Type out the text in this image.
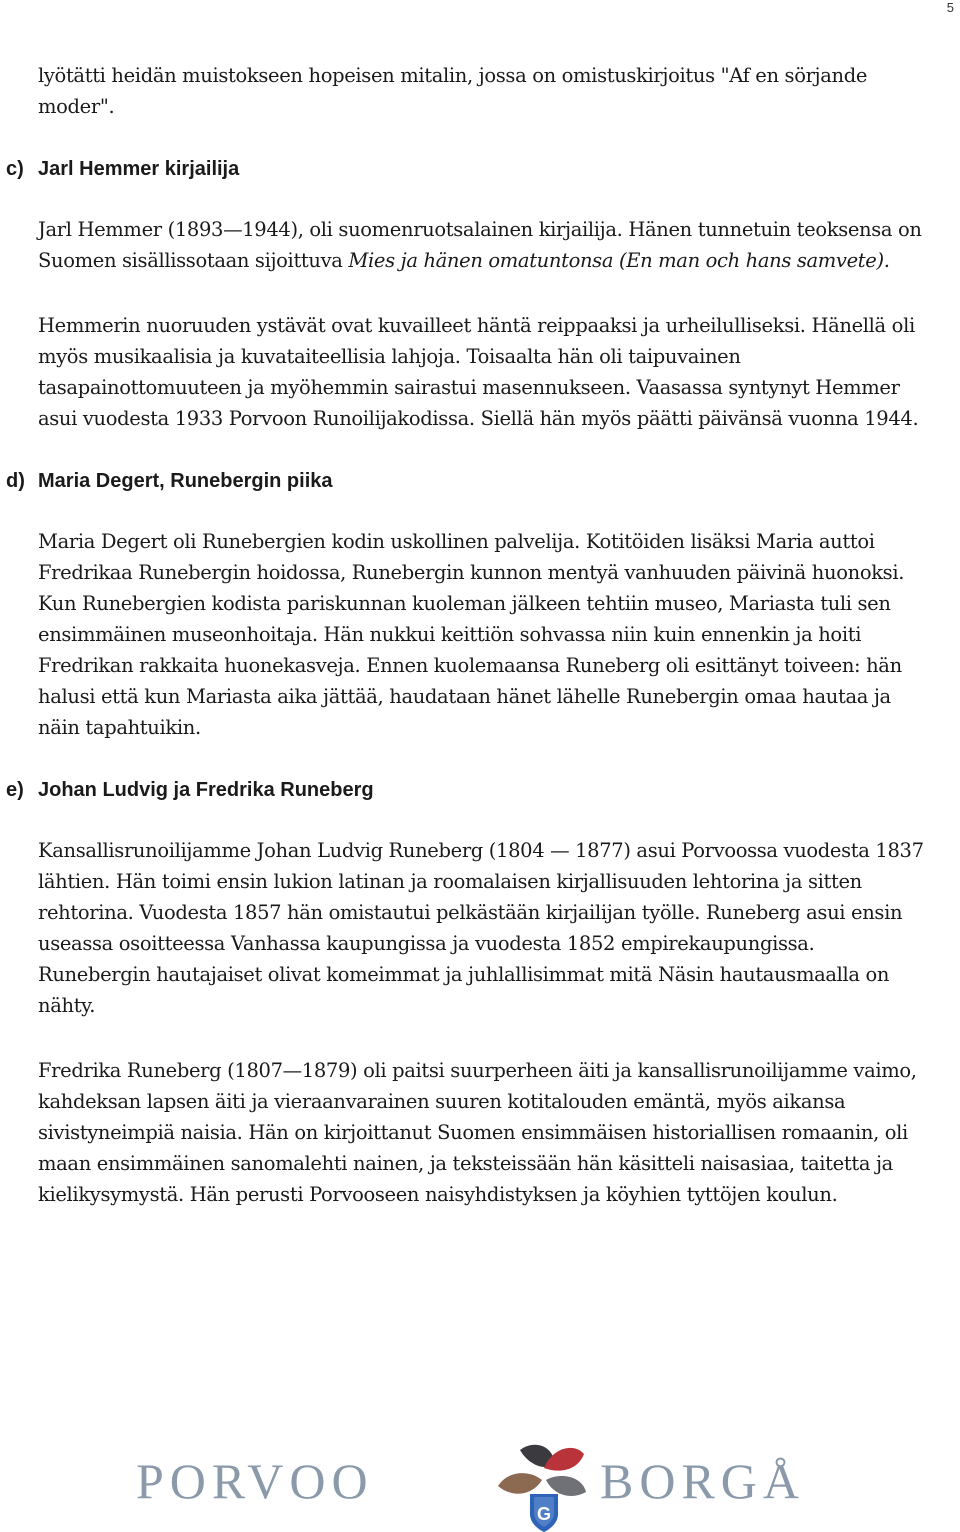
5

lyötätti heidän muistokseen hopeisen mitalin, jossa on omistuskirjoitus "Af en sörjande moder".

c) Jarl Hemmer kirjailija

Jarl Hemmer (1893—1944), oli suomenruotsalainen kirjailija. Hänen tunnetuin teoksensa on Suomen sisällissotaan sijoittuva Mies ja hänen omatuntonsa (En man och hans samvete).

Hemmerin nuoruuden ystävät ovat kuvailleet häntä reippaaksi ja urheilulliseksi. Hänellä oli myös musikaalisia ja kuvataiteellisia lahjoja. Toisaalta hän oli taipuvainen tasapainottomuuteen ja myöhemmin sairastui masennukseen. Vaasassa syntynyt Hemmer asui vuodesta 1933 Porvoon Runoilijakodissa. Siellä hän myös päätti päivänsä vuonna 1944.

d) Maria Degert, Runebergin piika

Maria Degert oli Runebergien kodin uskollinen palvelija. Kotitöiden lisäksi Maria auttoi Fredrikaa Runebergin hoidossa, Runebergin kunnon mentyä vanhuuden päivinä huonoksi. Kun Runebergien kodista pariskunnan kuoleman jälkeen tehtiin museo, Mariasta tuli sen ensimmäinen museonhoitaja. Hän nukkui keittiön sohvassa niin kuin ennenkin ja hoiti Fredrikan rakkaita huonekasveja. Ennen kuolemaansa Runeberg oli esittänyt toiveen: hän halusi että kun Mariasta aika jättää, haudataan hänet lähelle Runebergin omaa hautaa ja näin tapahtuikin.

e) Johan Ludvig ja Fredrika Runeberg

Kansallisrunoilijamme Johan Ludvig Runeberg (1804 — 1877) asui Porvoossa vuodesta 1837 lähtien. Hän toimi ensin lukion latinan ja roomalaisen kirjallisuuden lehtorina ja sitten rehtorina. Vuodesta 1857 hän omistautui pelkästään kirjailijan työlle. Runeberg asui ensin useassa osoitteessa Vanhassa kaupungissa ja vuodesta 1852 empirekaupungissa. Runebergin hautajaiset olivat komeimmat ja juhlallisimmat mitä Näsin hautausmaalla on nähty.

Fredrika Runeberg (1807—1879) oli paitsi suurperheen äiti ja kansallisrunoilijamme vaimo, kahdeksan lapsen äiti ja vieraanvarainen suuren kotitalouden emäntä, myös aikansa sivistyneimpiä naisia. Hän on kirjoittanut Suomen ensimmäisen historiallisen romaanin, oli maan ensimmäinen sanomalehti nainen, ja teksteissään hän käsitteli naisasiaa, taitetta ja kielikysymystä. Hän perusti Porvooseen naisyhdistyksen ja köyhien tyttöjen koulun.

PORVOO
G
BORGÅ
